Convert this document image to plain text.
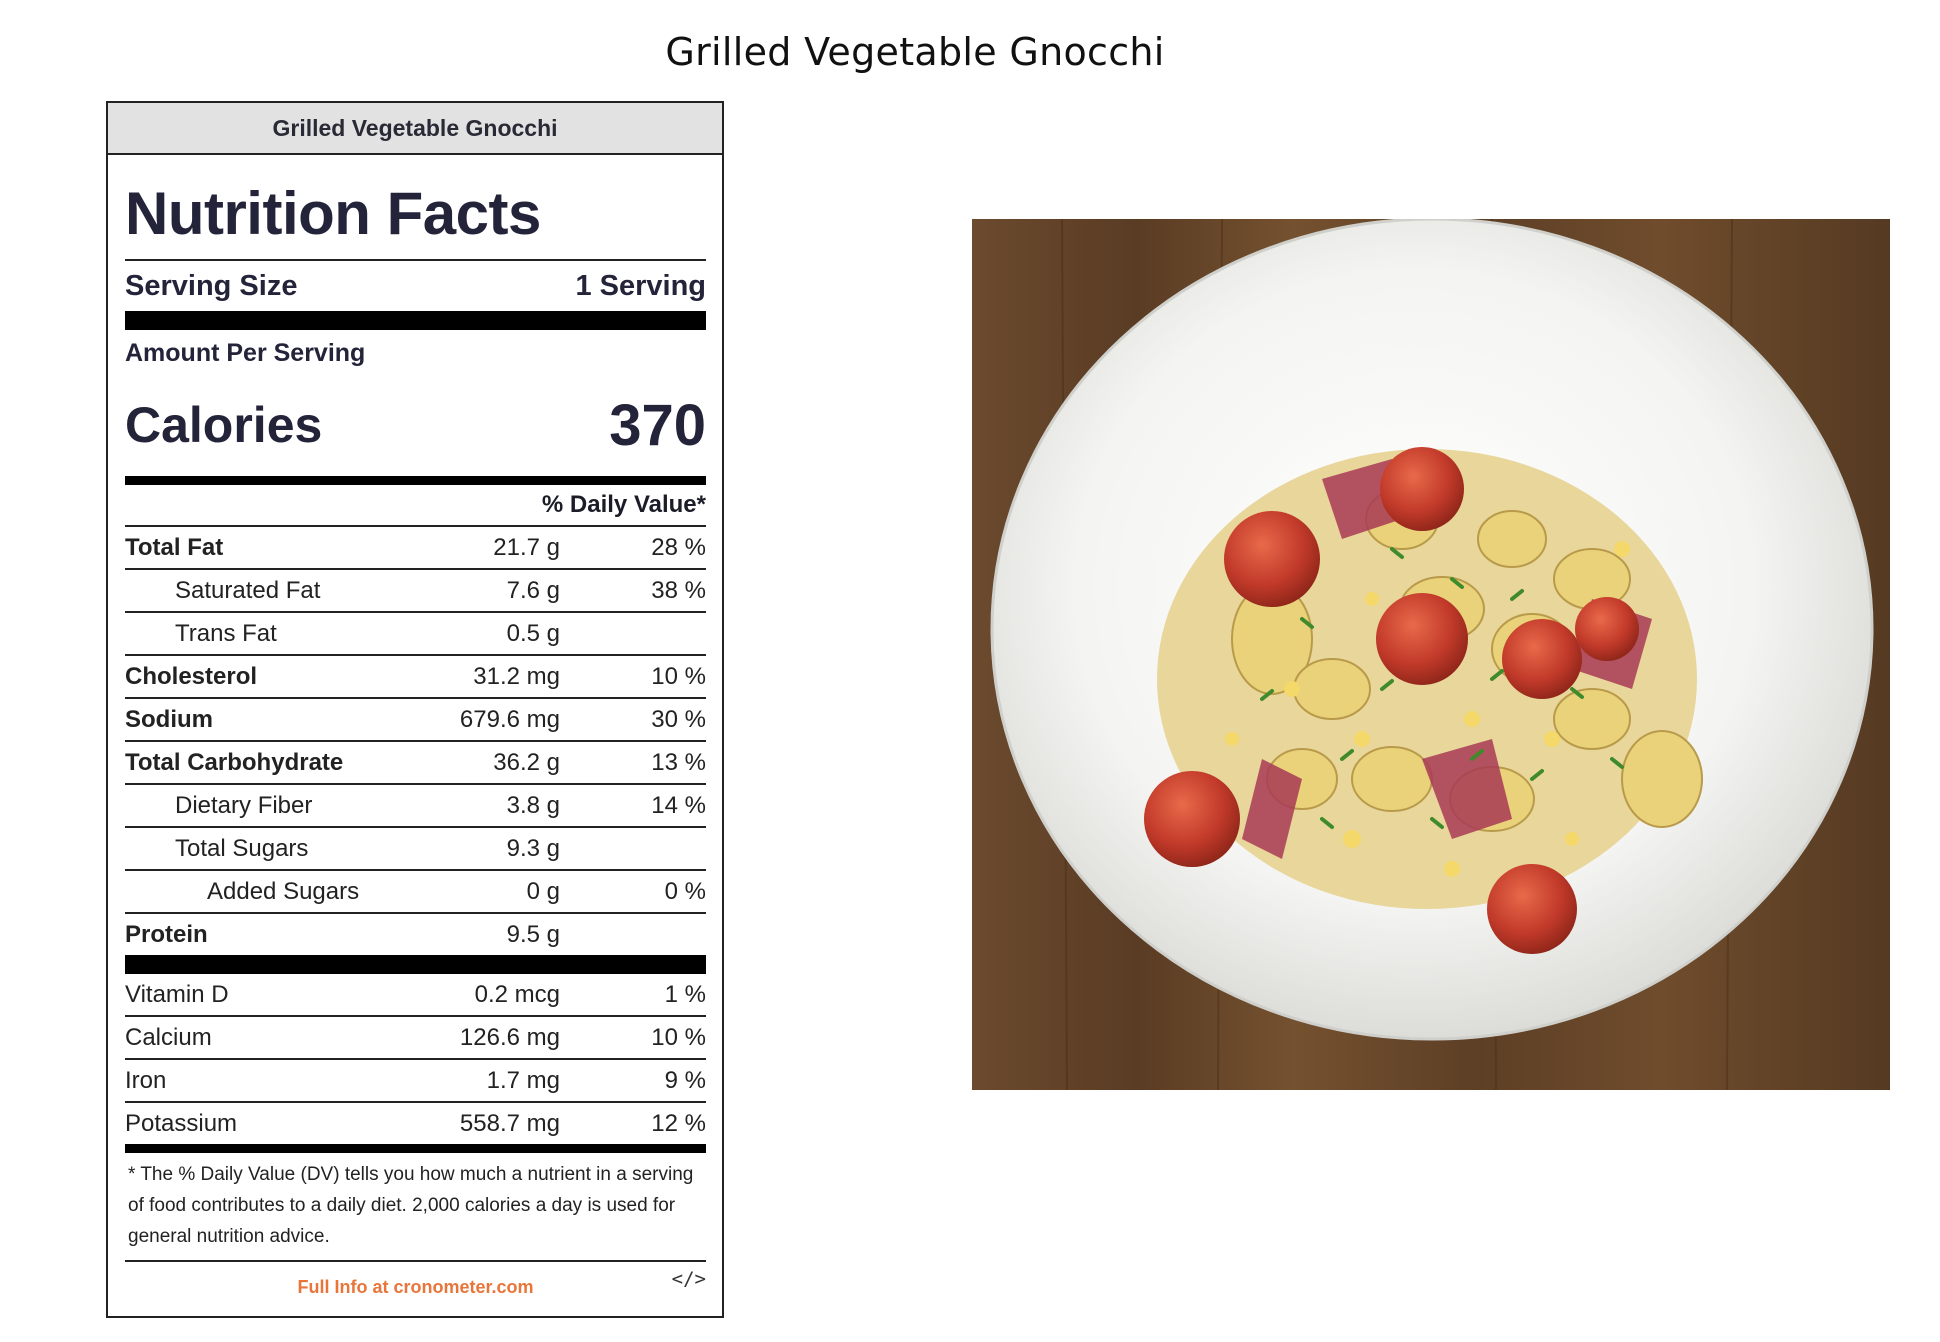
Grilled Vegetable Gnocchi
Grilled Vegetable Gnocchi
Nutrition Facts
Serving Size	1 Serving
Amount Per Serving
Calories	370
% Daily Value*
Total Fat	21.7 g	28 %
Saturated Fat	7.6 g	38 %
Trans Fat	0.5 g
Cholesterol	31.2 mg	10 %
Sodium	679.6 mg	30 %
Total Carbohydrate	36.2 g	13 %
Dietary Fiber	3.8 g	14 %
Total Sugars	9.3 g
Added Sugars	0 g	0 %
Protein	9.5 g
Vitamin D	0.2 mcg	1 %
Calcium	126.6 mg	10 %
Iron	1.7 mg	9 %
Potassium	558.7 mg	12 %
* The % Daily Value (DV) tells you how much a nutrient in a serving of food contributes to a daily diet. 2,000 calories a day is used for general nutrition advice.
Full Info at cronometer.com	</>
